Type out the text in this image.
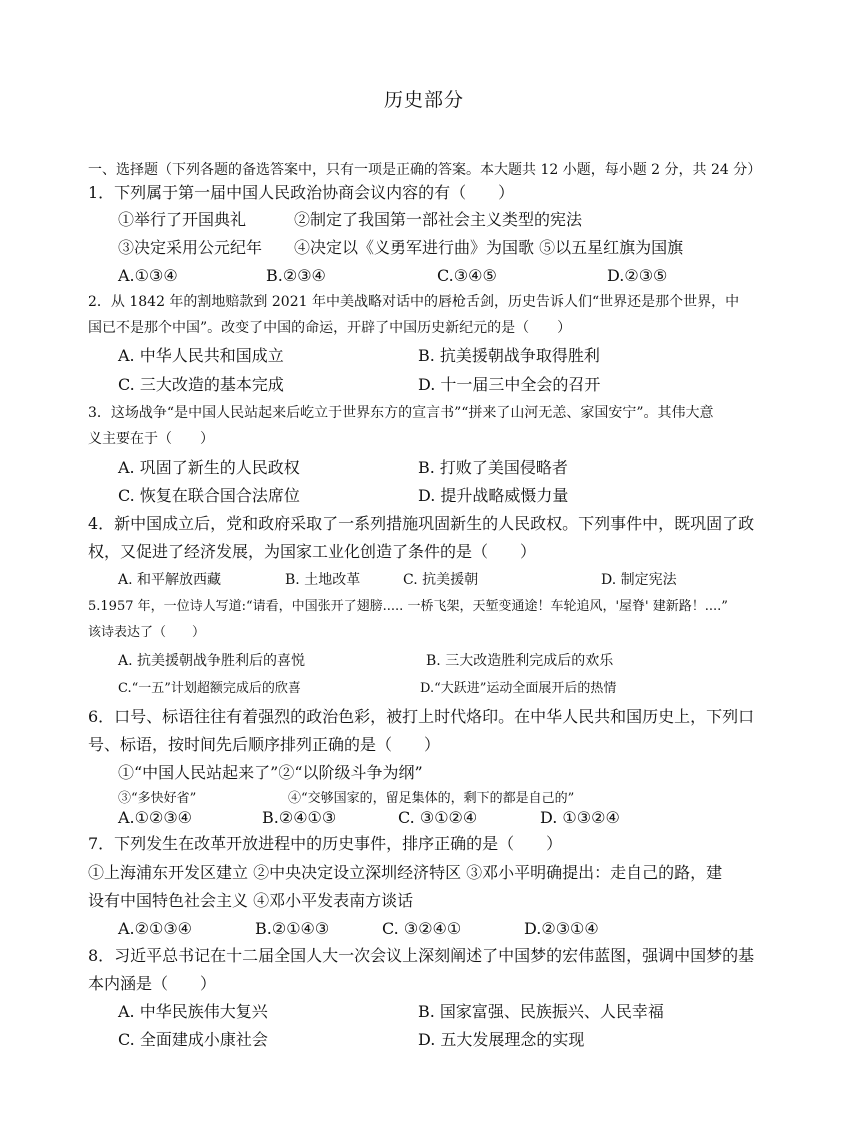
历史部分
一、选择题（下列各题的备选答案中，只有一项是正确的答案。本大题共 12 小题，每小题 2 分，共 24 分）
1．下列属于第一届中国人民政治协商会议内容的有（　　）
①举行了开国典礼　　　②制定了我国第一部社会主义类型的宪法
③决定采用公元纪年　　④决定以《义勇军进行曲》为国歌 ⑤以五星红旗为国旗
A.①③④	B.②③④	C.③④⑤	D.②③⑤
2．从 1842 年的割地赔款到 2021 年中美战略对话中的唇枪舌剑，历史告诉人们“世界还是那个世界，中
国已不是那个中国”。改变了中国的命运，开辟了中国历史新纪元的是（　　）
A. 中华人民共和国成立	B. 抗美援朝战争取得胜利
C. 三大改造的基本完成	D. 十一届三中全会的召开
3．这场战争“是中国人民站起来后屹立于世界东方的宣言书”“拼来了山河无恙、家国安宁”。其伟大意
义主要在于（　　）
A. 巩固了新生的人民政权	B. 打败了美国侵略者
C. 恢复在联合国合法席位	D. 提升战略威慑力量
4．新中国成立后，党和政府采取了一系列措施巩固新生的人民政权。下列事件中，既巩固了政
权，又促进了经济发展，为国家工业化创造了条件的是（　　）
A. 和平解放西藏	B. 土地改革	C. 抗美援朝	D. 制定宪法
5.1957 年，一位诗人写道:“请看，中国张开了翅膀..... 一桥飞架，天堑变通途！车轮追风，'屋脊' 建新路！....”
该诗表达了（　　）
A. 抗美援朝战争胜利后的喜悦	B. 三大改造胜利完成后的欢乐
C.“一五”计划超额完成后的欣喜	D.“大跃进”运动全面展开后的热情
6．口号、标语往往有着强烈的政治色彩，被打上时代烙印。在中华人民共和国历史上，下列口
号、标语，按时间先后顺序排列正确的是（　　）
①“中国人民站起来了”②“以阶级斗争为纲”
③“多快好省”	④“交够国家的，留足集体的，剩下的都是自己的”
A.①②③④	B.②④①③	C. ③①②④	D. ①③②④
7．下列发生在改革开放进程中的历史事件，排序正确的是（　　）
①上海浦东开发区建立 ②中央决定设立深圳经济特区 ③邓小平明确提出：走自己的路，建
设有中国特色社会主义 ④邓小平发表南方谈话
A.②①③④	B.②①④③	C. ③②④①	D.②③①④
8．习近平总书记在十二届全国人大一次会议上深刻阐述了中国梦的宏伟蓝图，强调中国梦的基
本内涵是（　　）
A. 中华民族伟大复兴	B. 国家富强、民族振兴、人民幸福
C. 全面建成小康社会	D. 五大发展理念的实现
